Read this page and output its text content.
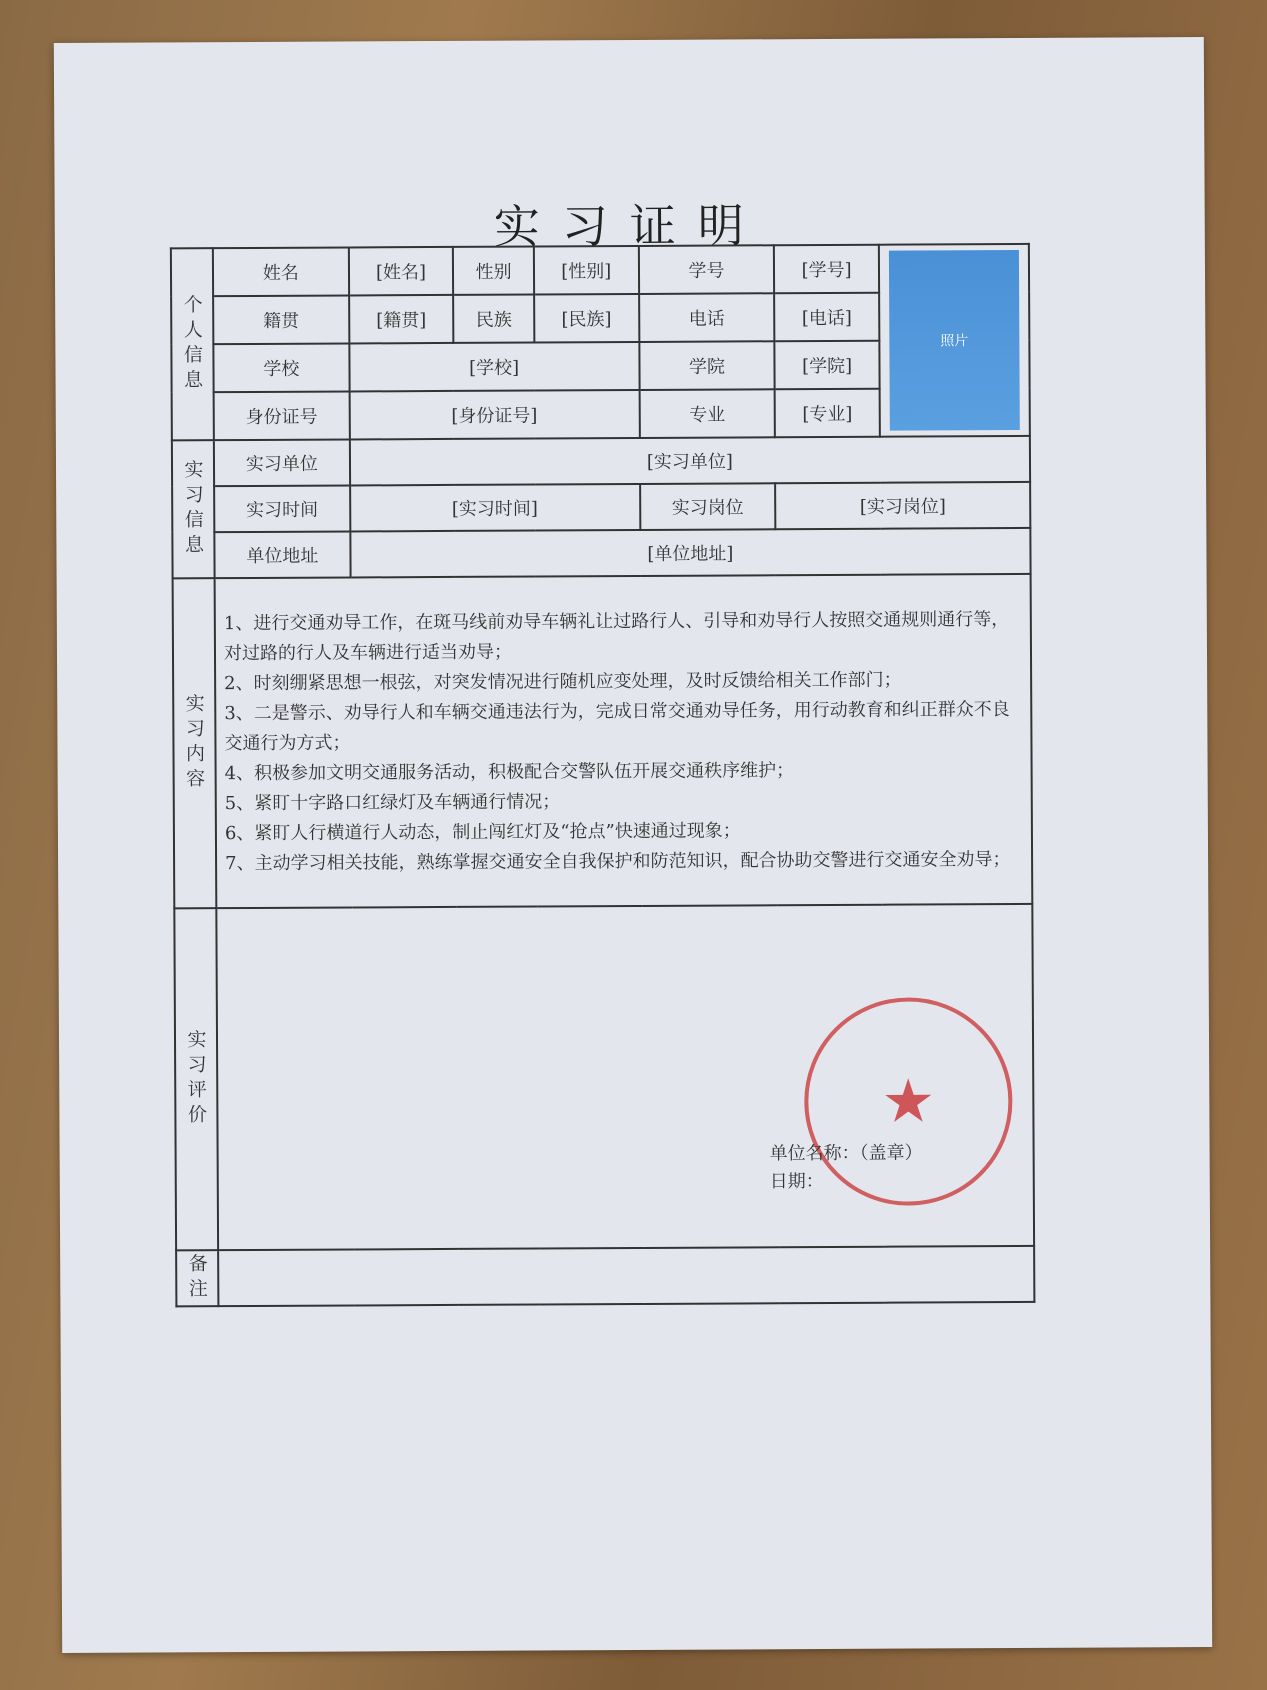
实习证明
个人信息	姓名	[姓名]	性别	[性别]	学号	[学号]	照片

	籍贯	[籍贯]	民族	[民族]	电话	[电话]	
	学校	[学校]			学院	[学院]	
	身份证号	[身份证号]			专业	[专业]	
实习信息	实习单位	[实习单位]					
	实习时间	[实习时间]			实习岗位	[实习岗位]	
	单位地址	[单位地址]					
实习内容	
1、进行交通劝导工作，在斑马线前劝导车辆礼让过路行人、引导和劝导行人按照交通规则通行等，对过路的行人及车辆进行适当劝导；
2、时刻绷紧思想一根弦，对突发情况进行随机应变处理，及时反馈给相关工作部门；
3、二是警示、劝导行人和车辆交通违法行为，完成日常交通劝导任务，用行动教育和纠正群众不良交通行为方式；
4、积极参加文明交通服务活动，积极配合交警队伍开展交通秩序维护；
5、紧盯十字路口红绿灯及车辆通行情况；
6、紧盯人行横道行人动态，制止闯红灯及“抢点”快速通过现象；
7、主动学习相关技能，熟练掌握交通安全自我保护和防范知识，配合协助交警进行交通安全劝导；

实习评价	★
单位名称：（盖章）
日期：						

备注							
